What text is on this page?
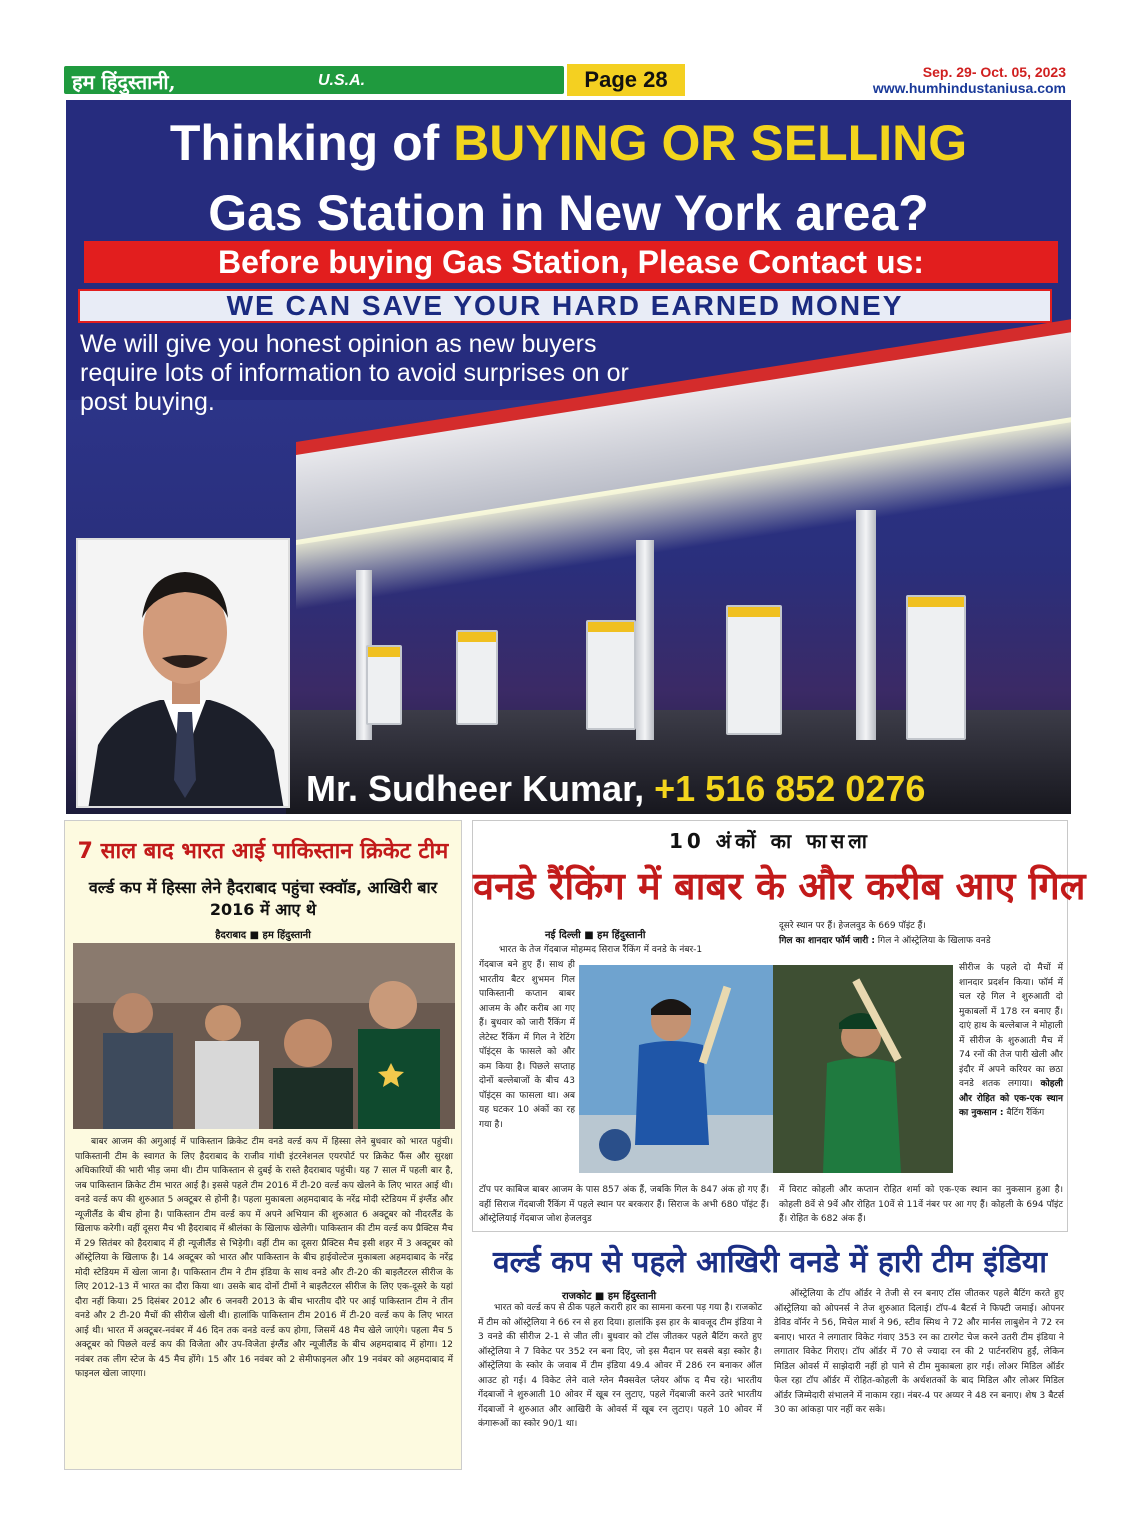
हम हिंदुस्तानी,	U.S.A.	Page 28	Sep. 29- Oct. 05, 2023
www.humhindustaniusa.com
Thinking of BUYING OR SELLING
Gas Station in New York area?
Before buying Gas Station, Please Contact us:
WE CAN SAVE YOUR HARD EARNED MONEY
We will give you honest opinion as new buyers require lots of information to avoid surprises on or post buying.
Mr. Sudheer Kumar, +1 516 852 0276
7 साल बाद भारत आई पाकिस्तान क्रिकेट टीम
वर्ल्ड कप में हिस्सा लेने हैदराबाद पहुंचा स्क्वॉड, आखिरी बार 2016 में आए थे
हैदराबाद ■ हम हिंदुस्तानी
बाबर आजम की अगुआई में पाकिस्तान क्रिकेट टीम वनडे वर्ल्ड कप में हिस्सा लेने बुधवार को भारत पहुंची। पाकिस्तानी टीम के स्वागत के लिए हैदराबाद के राजीव गांधी इंटरनेशनल एयरपोर्ट पर क्रिकेट फैंस और सुरक्षा अधिकारियों की भारी भीड़ जमा थी। टीम पाकिस्तान से दुबई के रास्ते हैदराबाद पहुंची। यह 7 साल में पहली बार है, जब पाकिस्तान क्रिकेट टीम भारत आई है। इससे पहले टीम 2016 में टी-20 वर्ल्ड कप खेलने के लिए भारत आई थी। वनडे वर्ल्ड कप की शुरुआत 5 अक्टूबर से होनी है। पहला मुकाबला अहमदाबाद के नरेंद्र मोदी स्टेडियम में इंग्लैंड और न्यूजीलैंड के बीच होना है। पाकिस्तान टीम वर्ल्ड कप में अपने अभियान की शुरुआत 6 अक्टूबर को नीदरलैंड के खिलाफ करेगी। वहीं दूसरा मैच भी हैदराबाद में श्रीलंका के खिलाफ खेलेगी। पाकिस्तान की टीम वर्ल्ड कप प्रैक्टिस मैच में 29 सितंबर को हैदराबाद में ही न्यूजीलैंड से भिड़ेगी। वहीं टीम का दूसरा प्रैक्टिस मैच इसी शहर में 3 अक्टूबर को ऑस्ट्रेलिया के खिलाफ है। 14 अक्टूबर को भारत और पाकिस्तान के बीच हाईवोल्टेज मुकाबला अहमदाबाद के नरेंद्र मोदी स्टेडियम में खेला जाना है। पाकिस्तान टीम ने टीम इंडिया के साथ वनडे और टी-20 की बाइलैटरल सीरीज के लिए 2012-13 में भारत का दौरा किया था। उसके बाद दोनों टीमों ने बाइलैटरल सीरीज के लिए एक-दूसरे के यहां दौरा नहीं किया। 25 दिसंबर 2012 और 6 जनवरी 2013 के बीच भारतीय दौरे पर आई पाकिस्तान टीम ने तीन वनडे और 2 टी-20 मैचों की सीरीज खेली थी। हालांकि पाकिस्तान टीम 2016 में टी-20 वर्ल्ड कप के लिए भारत आई थी। भारत में अक्टूबर-नवंबर में 46 दिन तक वनडे वर्ल्ड कप होगा, जिसमें 48 मैच खेले जाएंगे। पहला मैच 5 अक्टूबर को पिछले वर्ल्ड कप की विजेता और उप-विजेता इंग्लैंड और न्यूजीलैंड के बीच अहमदाबाद में होगा। 12 नवंबर तक लीग स्टेज के 45 मैच होंगे। 15 और 16 नवंबर को 2 सेमीफाइनल और 19 नवंबर को अहमदाबाद में फाइनल खेला जाएगा।
10 अंकों का फासला
वनडे रैंकिंग में बाबर के और करीब आए गिल
नई दिल्ली ■ हम हिंदुस्तानी
भारत के तेज गेंदबाज मोहम्मद सिराज रैंकिंग में वनडे के नंबर-1
गेंदबाज बने हुए हैं। साथ ही भारतीय बैटर शुभमन गिल पाकिस्तानी कप्तान बाबर आजम के और करीब आ गए हैं। बुधवार को जारी रैंकिंग में लेटेस्ट रैंकिंग में गिल ने रेटिंग पॉइंट्स के फासले को और कम किया है। पिछले सप्ताह दोनों बल्लेबाजों के बीच 43 पॉइंट्स का फासला था। अब यह घटकर 10 अंकों का रह गया है।
दूसरे स्थान पर हैं। हेजलवुड के 669 पॉइंट हैं।
गिल का शानदार फॉर्म जारी : गिल ने ऑस्ट्रेलिया के खिलाफ वनडे
सीरीज के पहले दो मैचों में शानदार प्रदर्शन किया। फॉर्म में चल रहे गिल ने शुरुआती दो मुकाबलों में 178 रन बनाए हैं। दाएं हाथ के बल्लेबाज ने मोहाली में सीरीज के शुरुआती मैच में 74 रनों की तेज पारी खेली और इंदौर में अपने करियर का छठा वनडे शतक लगाया। कोहली और रोहित को एक-एक स्थान का नुकसान : बैटिंग रैंकिंग
टॉप पर काबिज बाबर आजम के पास 857 अंक हैं, जबकि गिल के 847 अंक हो गए हैं। वहीं सिराज गेंदबाजी रैंकिंग में पहले स्थान पर बरकरार हैं। सिराज के अभी 680 पॉइंट हैं। ऑस्ट्रेलियाई गेंदबाज जोश हेजलवुड
में विराट कोहली और कप्तान रोहित शर्मा को एक-एक स्थान का नुकसान हुआ है। कोहली 8वें से 9वें और रोहित 10वें से 11वें नंबर पर आ गए हैं। कोहली के 694 पॉइंट हैं। रोहित के 682 अंक हैं।
वर्ल्ड कप से पहले आखिरी वनडे में हारी टीम इंडिया
राजकोट ■ हम हिंदुस्तानी
भारत को वर्ल्ड कप से ठीक पहले करारी हार का सामना करना पड़ गया है। राजकोट में टीम को ऑस्ट्रेलिया ने 66 रन से हरा दिया। हालांकि इस हार के बावजूद टीम इंडिया ने 3 वनडे की सीरीज 2-1 से जीत ली। बुधवार को टॉस जीतकर पहले बैटिंग करते हुए ऑस्ट्रेलिया ने 7 विकेट पर 352 रन बना दिए, जो इस मैदान पर सबसे बड़ा स्कोर है। ऑस्ट्रेलिया के स्कोर के जवाब में टीम इंडिया 49.4 ओवर में 286 रन बनाकर ऑल आउट हो गई। 4 विकेट लेने वाले ग्लेन मैक्सवेल प्लेयर ऑफ द मैच रहे। भारतीय गेंदबाजों ने शुरुआती 10 ओवर में खूब रन लुटाए, पहले गेंदबाजी करने उतरे भारतीय गेंदबाजों ने शुरुआत और आखिरी के ओवर्स में खूब रन लुटाए। पहले 10 ओवर में कंगारूओं का स्कोर 90/1 था।
ऑस्ट्रेलिया के टॉप ऑर्डर ने तेजी से रन बनाए टॉस जीतकर पहले बैटिंग करते हुए ऑस्ट्रेलिया को ओपनर्स ने तेज शुरुआत दिलाई। टॉप-4 बैटर्स ने फिफ्टी जमाई। ओपनर डेविड वॉर्नर ने 56, मिचेल मार्श ने 96, स्टीव स्मिथ ने 72 और मार्नस लाबुशेन ने 72 रन बनाए। भारत ने लगातार विकेट गंवाए 353 रन का टारगेट चेज करने उतरी टीम इंडिया ने लगातार विकेट गिराए। टॉप ऑर्डर में 70 से ज्यादा रन की 2 पार्टनरशिप हुईं, लेकिन मिडिल ओवर्स में साझेदारी नहीं हो पाने से टीम मुकाबला हार गई। लोअर मिडिल ऑर्डर फेल रहा टॉप ऑर्डर में रोहित-कोहली के अर्धशतकों के बाद मिडिल और लोअर मिडिल ऑर्डर जिम्मेदारी संभालने में नाकाम रहा। नंबर-4 पर अय्यर ने 48 रन बनाए। शेष 3 बैटर्स 30 का आंकड़ा पार नहीं कर सके।
